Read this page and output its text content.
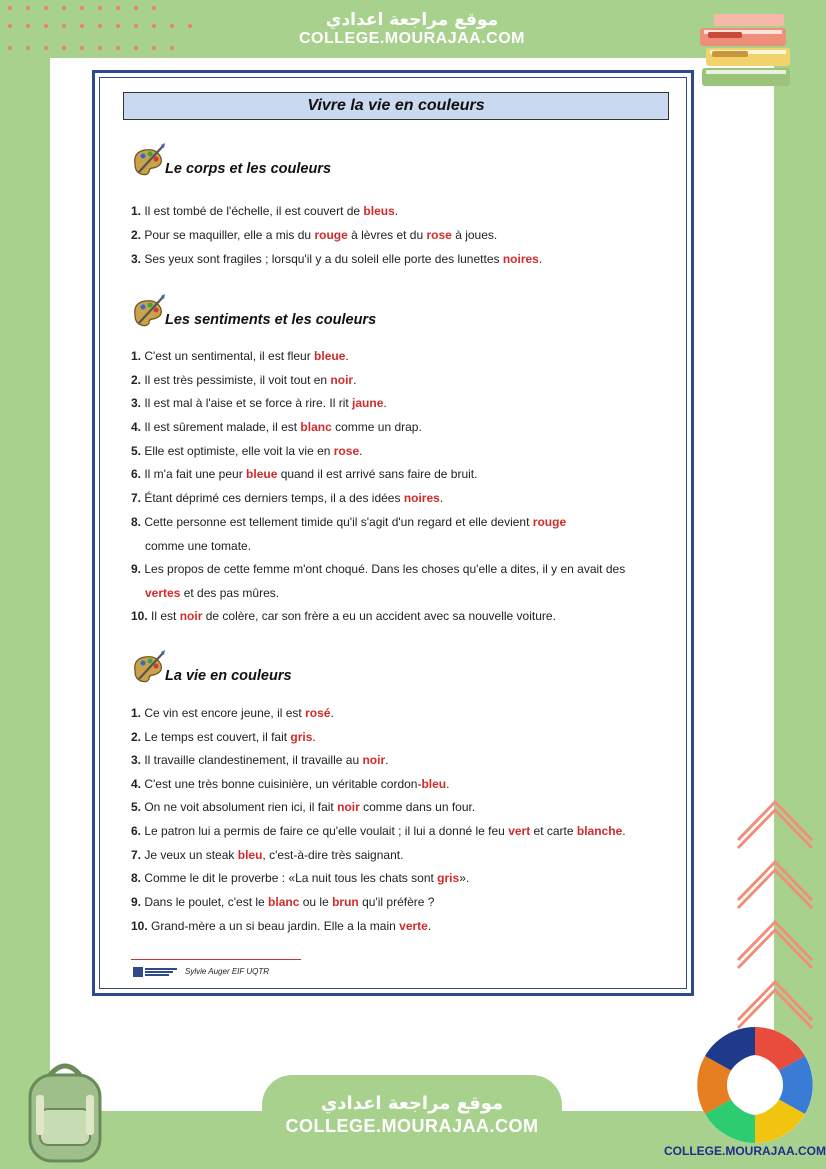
موقع مراجعة اعدادي
COLLEGE.MOURAJAA.COM
Vivre la vie en couleurs
Le corps et les couleurs
1. Il est tombé de l'échelle, il est couvert de bleus.
2. Pour se maquiller, elle a mis du rouge à lèvres et du rose à joues.
3. Ses yeux sont fragiles ; lorsqu'il y a du soleil elle porte des lunettes noires.
Les sentiments et les couleurs
1. C'est un sentimental, il est fleur bleue.
2. Il est très pessimiste, il voit tout en noir.
3. Il est mal à l'aise et se force à rire. Il rit jaune.
4. Il est sûrement malade, il est blanc comme un drap.
5. Elle est optimiste, elle voit la vie en rose.
6. Il m'a fait une peur bleue quand il est arrivé sans faire de bruit.
7. Étant déprimé ces derniers temps, il a des idées noires.
8. Cette personne est tellement timide qu'il s'agit d'un regard et elle devient rouge
comme une tomate.
9. Les propos de cette femme m'ont choqué. Dans les choses qu'elle a dites, il y en avait des
vertes et des pas mûres.
10. Il est noir de colère, car son frère a eu un accident avec sa nouvelle voiture.
La vie en couleurs
1. Ce vin est encore jeune, il est rosé.
2. Le temps est couvert, il fait gris.
3. Il travaille clandestinement, il travaille au noir.
4. C'est une très bonne cuisinière, un véritable cordon-bleu.
5. On ne voit absolument rien ici, il fait noir comme dans un four.
6. Le patron lui a permis de faire ce qu'elle voulait ; il lui a donné le feu vert et carte blanche.
7. Je veux un steak bleu, c'est-à-dire très saignant.
8. Comme le dit le proverbe : «La nuit tous les chats sont gris».
9. Dans le poulet, c'est le blanc ou le brun qu'il préfère ?
10. Grand-mère a un si beau jardin. Elle a la main verte.
Sylvie Auger EIF UQTR
COLLEGE.MOURAJAA.COM
موقع مراجعة اعدادي
COLLEGE.MOURAJAA.COM
